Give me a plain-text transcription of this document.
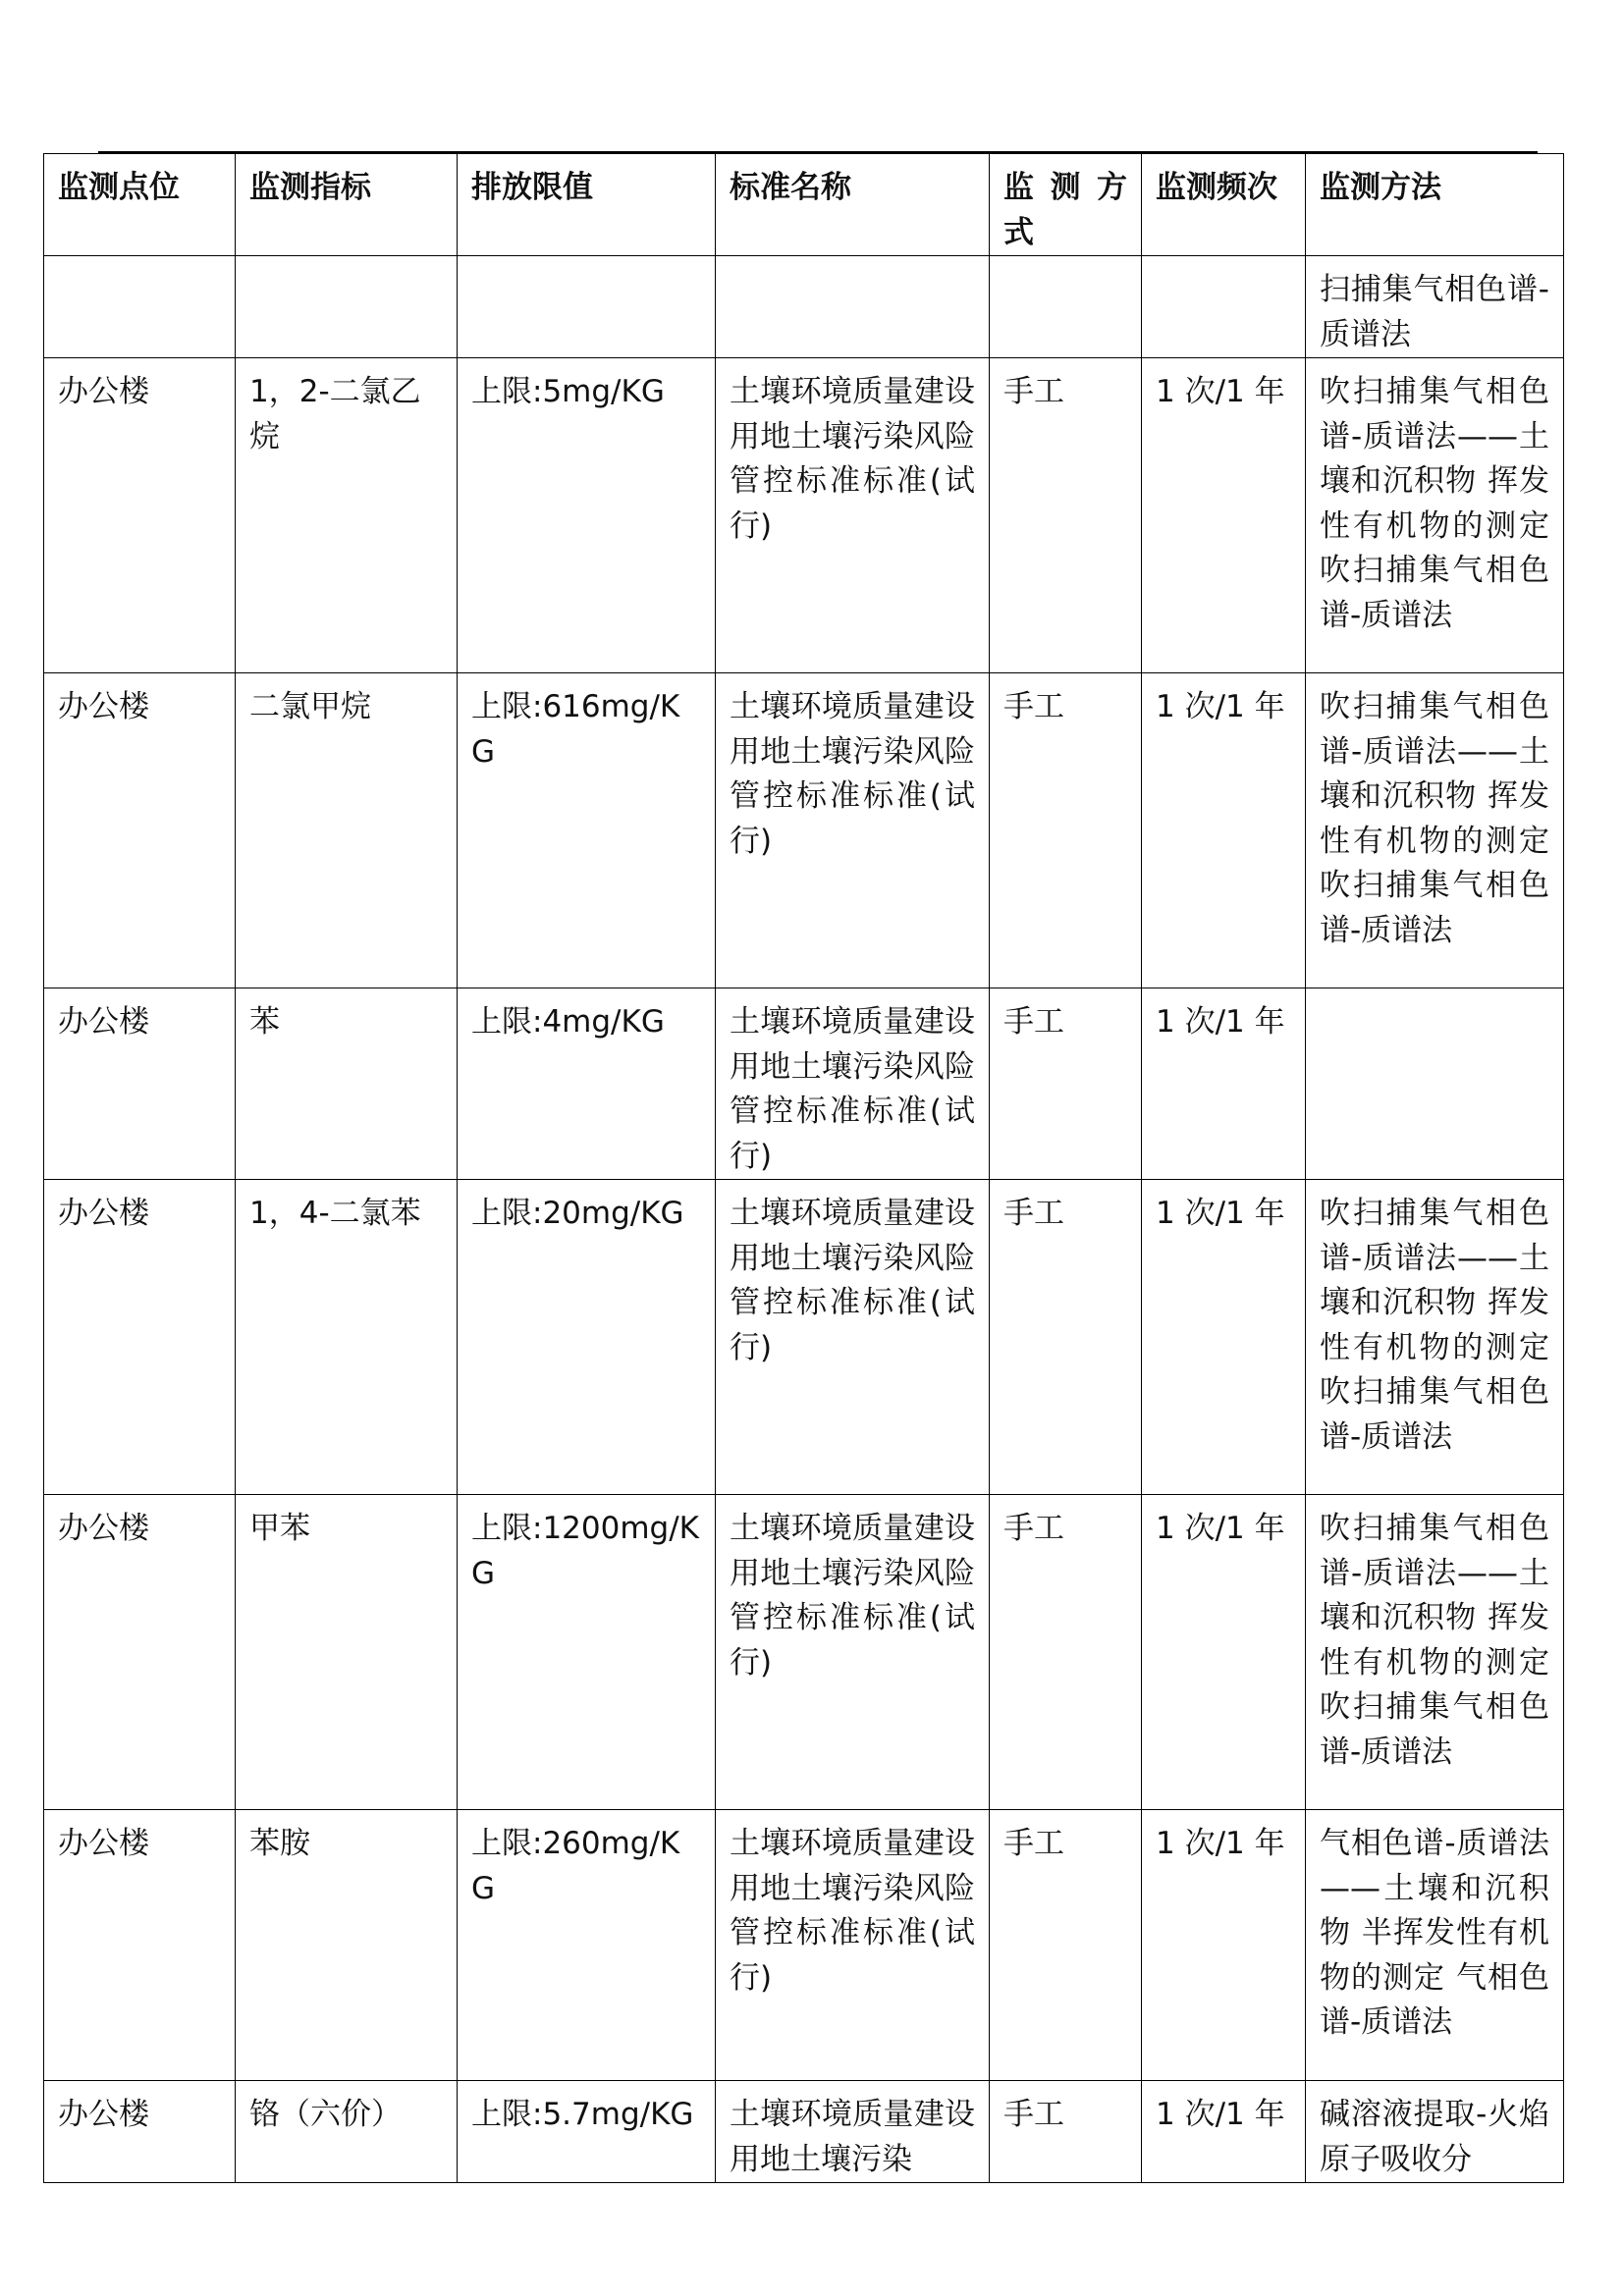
监测点位	监测指标	排放限值	标准名称	监 测 方式	监测频次	监测方法
						扫捕集气相色谱-质谱法
办公楼	1，2-二氯乙烷	上限:5mg/KG	土壤环境质量建设用地土壤污染风险管控标准标准(试行)	手工	1 次/1 年	吹扫捕集气相色谱-质谱法——土壤和沉积物 挥发性有机物的测定 吹扫捕集气相色谱-质谱法
办公楼	二氯甲烷	上限:616mg/KG	土壤环境质量建设用地土壤污染风险管控标准标准(试行)	手工	1 次/1 年	吹扫捕集气相色谱-质谱法——土壤和沉积物 挥发性有机物的测定 吹扫捕集气相色谱-质谱法
办公楼	苯	上限:4mg/KG	土壤环境质量建设用地土壤污染风险管控标准标准(试行)	手工	1 次/1 年	
办公楼	1，4-二氯苯	上限:20mg/KG	土壤环境质量建设用地土壤污染风险管控标准标准(试行)	手工	1 次/1 年	吹扫捕集气相色谱-质谱法——土壤和沉积物 挥发性有机物的测定 吹扫捕集气相色谱-质谱法
办公楼	甲苯	上限:1200mg/KG	土壤环境质量建设用地土壤污染风险管控标准标准(试行)	手工	1 次/1 年	吹扫捕集气相色谱-质谱法——土壤和沉积物 挥发性有机物的测定 吹扫捕集气相色谱-质谱法
办公楼	苯胺	上限:260mg/KG	土壤环境质量建设用地土壤污染风险管控标准标准(试行)	手工	1 次/1 年	气相色谱-质谱法——土壤和沉积物 半挥发性有机物的测定 气相色谱-质谱法
办公楼	铬（六价）	上限:5.7mg/KG	土壤环境质量建设用地土壤污染	手工	1 次/1 年	碱溶液提取-火焰原子吸收分
